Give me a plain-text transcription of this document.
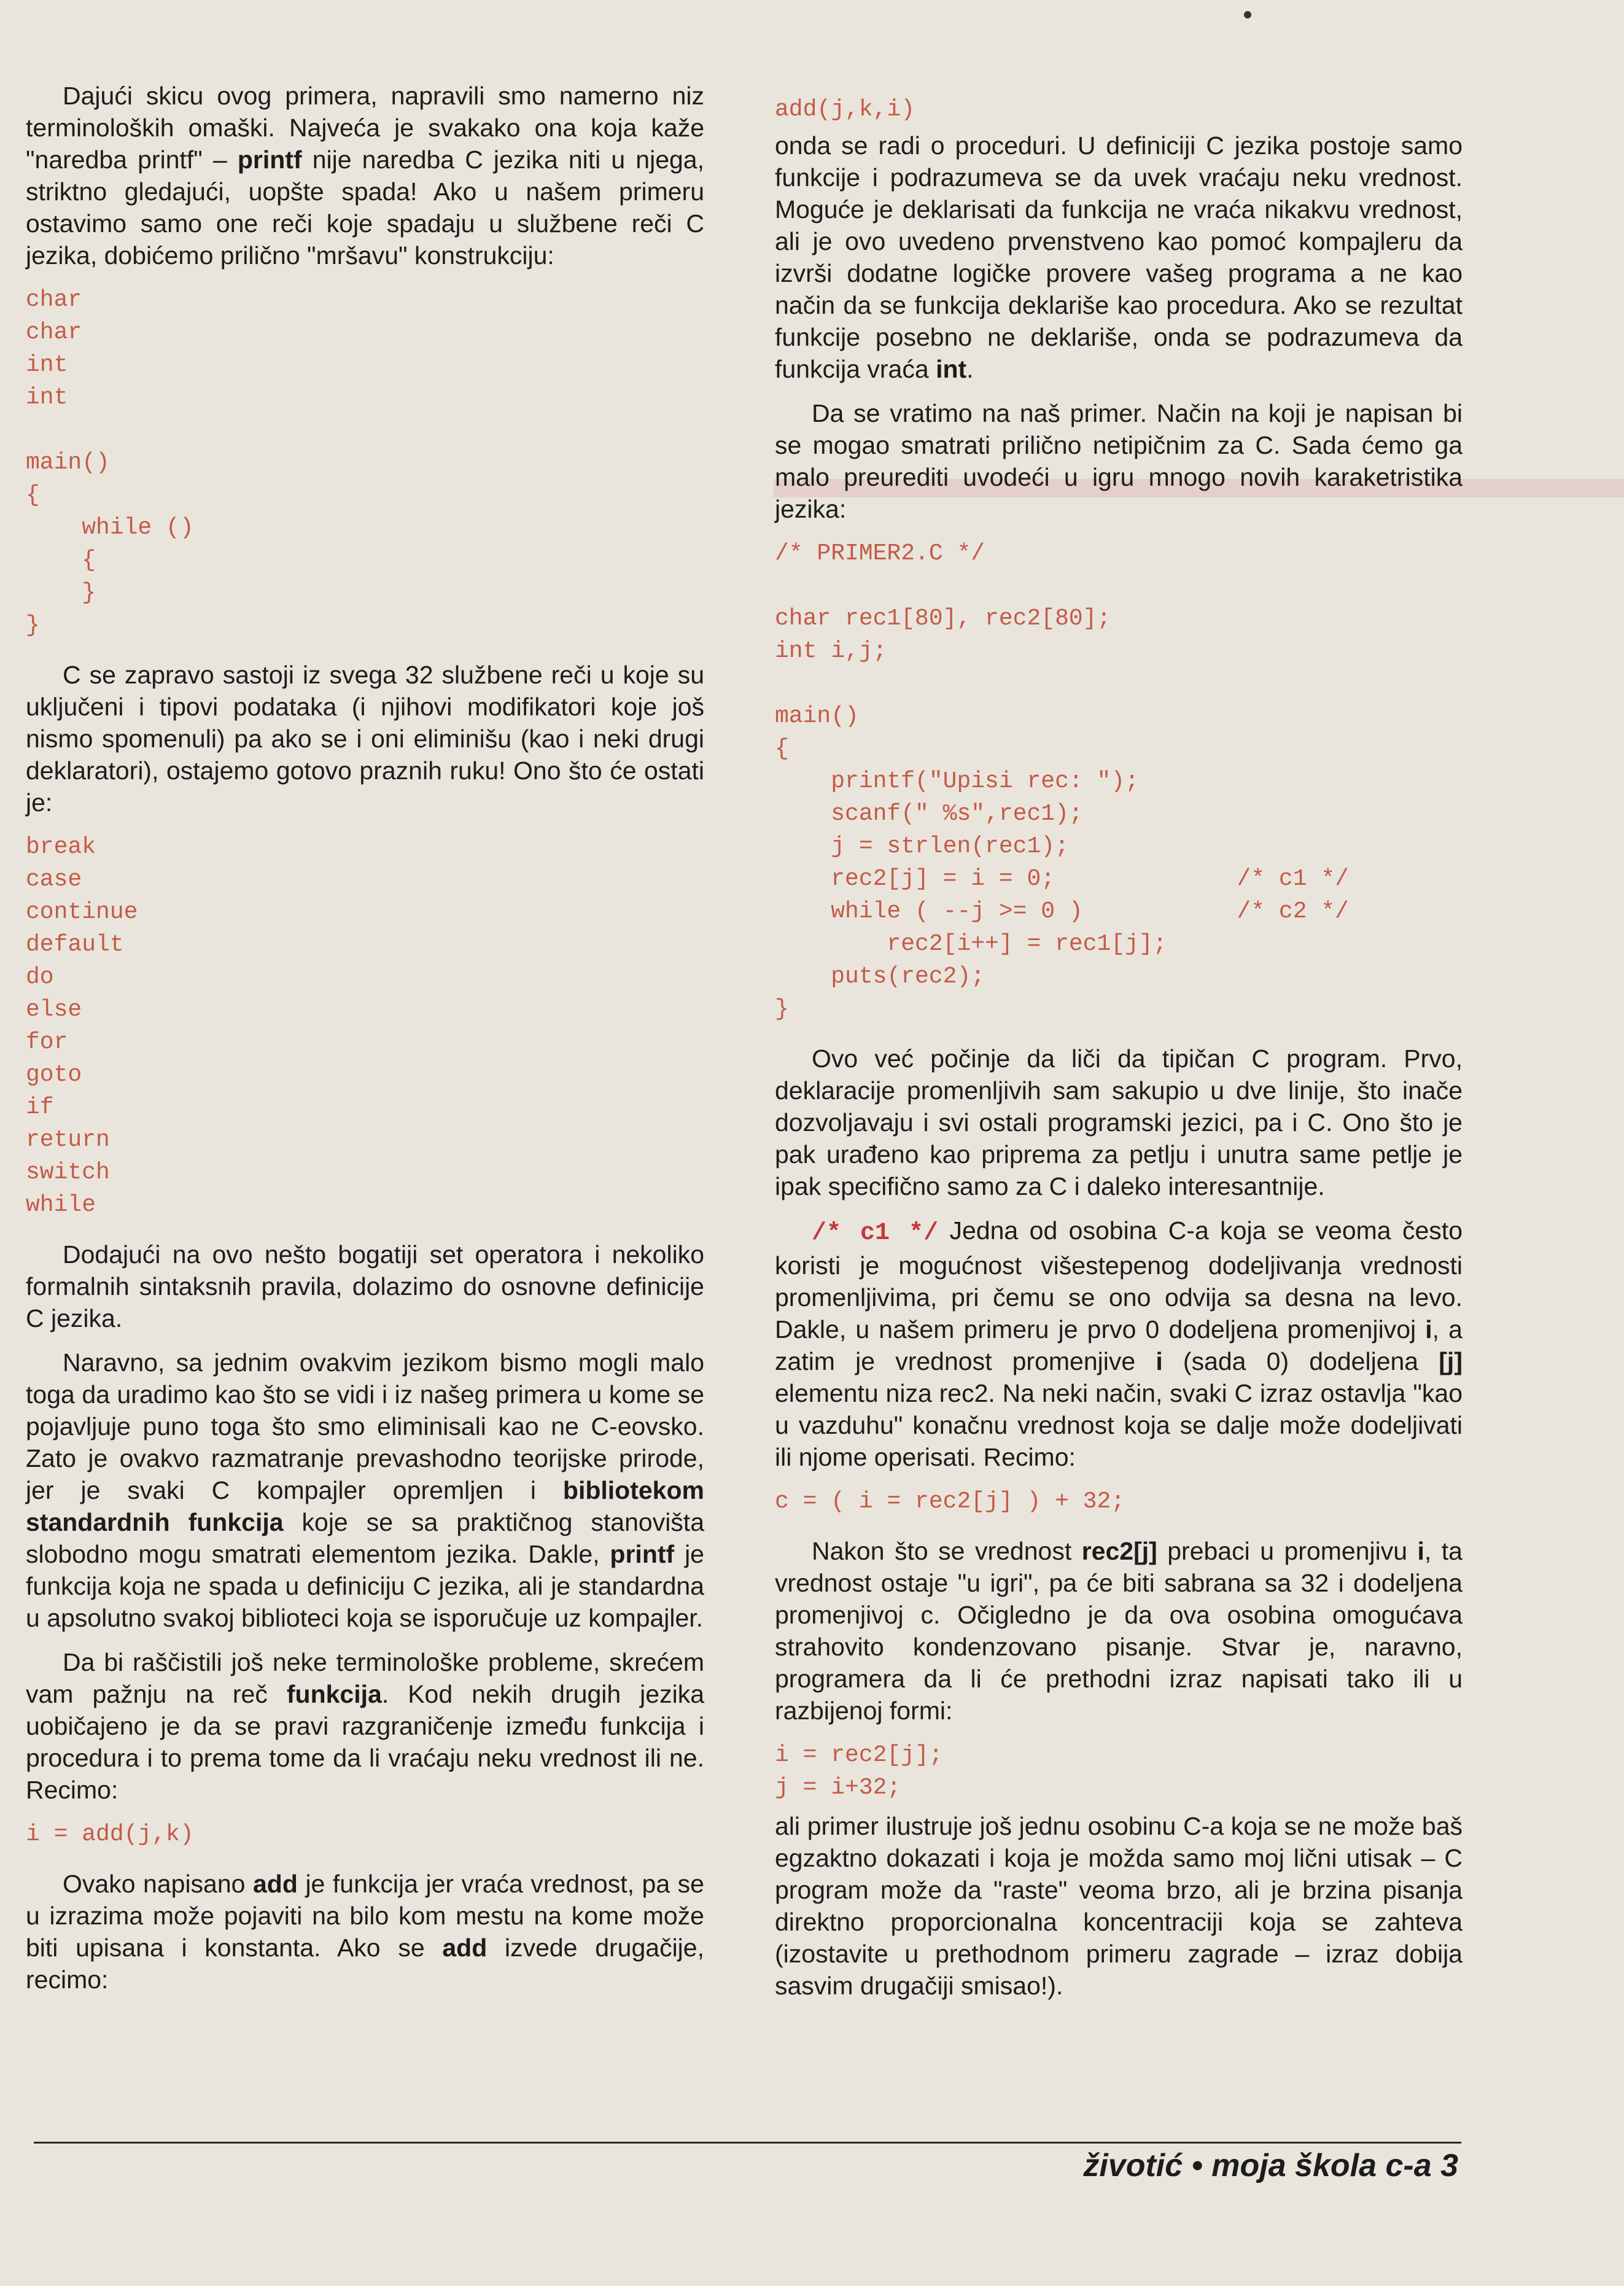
Dajući skicu ovog primera, napravili smo namerno niz terminoloških omaški. Najveća je svakako ona koja kaže "naredba printf" – printf nije naredba C jezika niti u njega, striktno gledajući, uopšte spada! Ako u našem primeru ostavimo samo one reči koje spadaju u službene reči C jezika, dobićemo prilično "mršavu" konstrukciju:

char
char
int
int
main()
{
while ()
{
}
}

C se zapravo sastoji iz svega 32 službene reči u koje su uključeni i tipovi podataka (i njihovi modifikatori koje još nismo spomenuli) pa ako se i oni eliminišu (kao i neki drugi deklaratori), ostajemo gotovo praznih ruku! Ono što će ostati je:

break
case
continue
default
do
else
for
goto
if
return
switch
while

Dodajući na ovo nešto bogatiji set operatora i nekoliko formalnih sintaksnih pravila, dolazimo do osnovne definicije C jezika.

Naravno, sa jednim ovakvim jezikom bismo mogli malo toga da uradimo kao što se vidi i iz našeg primera u kome se pojavljuje puno toga što smo eliminisali kao ne C-eovsko. Zato je ovakvo razmatranje prevashodno teorijske prirode, jer je svaki C kompajler opremljen i bibliotekom standardnih funkcija koje se sa praktičnog stanovišta slobodno mogu smatrati elementom jezika. Dakle, printf je funkcija koja ne spada u definiciju C jezika, ali je standardna u apsolutno svakoj biblioteci koja se isporučuje uz kompajler.

Da bi raščistili još neke terminološke probleme, skrećem vam pažnju na reč funkcija. Kod nekih drugih jezika uobičajeno je da se pravi razgraničenje između funkcija i procedura i to prema tome da li vraćaju neku vrednost ili ne. Recimo:

i = add(j,k)

Ovako napisano add je funkcija jer vraća vrednost, pa se u izrazima može pojaviti na bilo kom mestu na kome može biti upisana i konstanta. Ako se add izvede drugačije, recimo:

add(j,k,i)

onda se radi o proceduri. U definiciji C jezika postoje samo funkcije i podrazumeva se da uvek vraćaju neku vrednost. Moguće je deklarisati da funkcija ne vraća nikakvu vrednost, ali je ovo uvedeno prvenstveno kao pomoć kompajleru da izvrši dodatne logičke provere vašeg programa a ne kao način da se funkcija deklariše kao procedura. Ako se rezultat funkcije posebno ne deklariše, onda se podrazumeva da funkcija vraća int.

Da se vratimo na naš primer. Način na koji je napisan bi se mogao smatrati prilično netipičnim za C. Sada ćemo ga malo preurediti uvodeći u igru mnogo novih karaketristika jezika:

/* PRIMER2.C */
char rec1[80], rec2[80];
int i,j;
main()
{
printf("Upisi rec: ");
scanf(" %s",rec1);
j = strlen(rec1);
rec2[j] = i = 0;             /* c1 */
while ( --j >= 0 )           /* c2 */
rec2[i++] = rec1[j];
puts(rec2);
}

Ovo već počinje da liči da tipičan C program. Prvo, deklaracije promenljivih sam sakupio u dve linije, što inače dozvoljavaju i svi ostali programski jezici, pa i C. Ono što je pak urađeno kao priprema za petlju i unutra same petlje je ipak specifično samo za C i daleko interesantnije.

/* c1 */ Jedna od osobina C-a koja se veoma često koristi je mogućnost višestepenog dodeljivanja vrednosti promenljivima, pri čemu se ono odvija sa desna na levo. Dakle, u našem primeru je prvo 0 dodeljena promenjivoj i, a zatim je vrednost promenjive i (sada 0) dodeljena [j] elementu niza rec2. Na neki način, svaki C izraz ostavlja "kao u vazduhu" konačnu vrednost koja se dalje može dodeljivati ili njome operisati. Recimo:

c = ( i = rec2[j] ) + 32;

Nakon što se vrednost rec2[j] prebaci u promenjivu i, ta vrednost ostaje "u igri", pa će biti sabrana sa 32 i dodeljena promenjivoj c. Očigledno je da ova osobina omogućava strahovito kondenzovano pisanje. Stvar je, naravno, programera da li će prethodni izraz napisati tako ili u razbijenoj formi:

i = rec2[j];
j = i+32;

ali primer ilustruje još jednu osobinu C-a koja se ne može baš egzaktno dokazati i koja je možda samo moj lični utisak – C program može da "raste" veoma brzo, ali je brzina pisanja direktno proporcionalna koncentraciji koja se zahteva (izostavite u prethodnom primeru zagrade – izraz dobija sasvim drugačiji smisao!).

životić • moja škola c-a 3
